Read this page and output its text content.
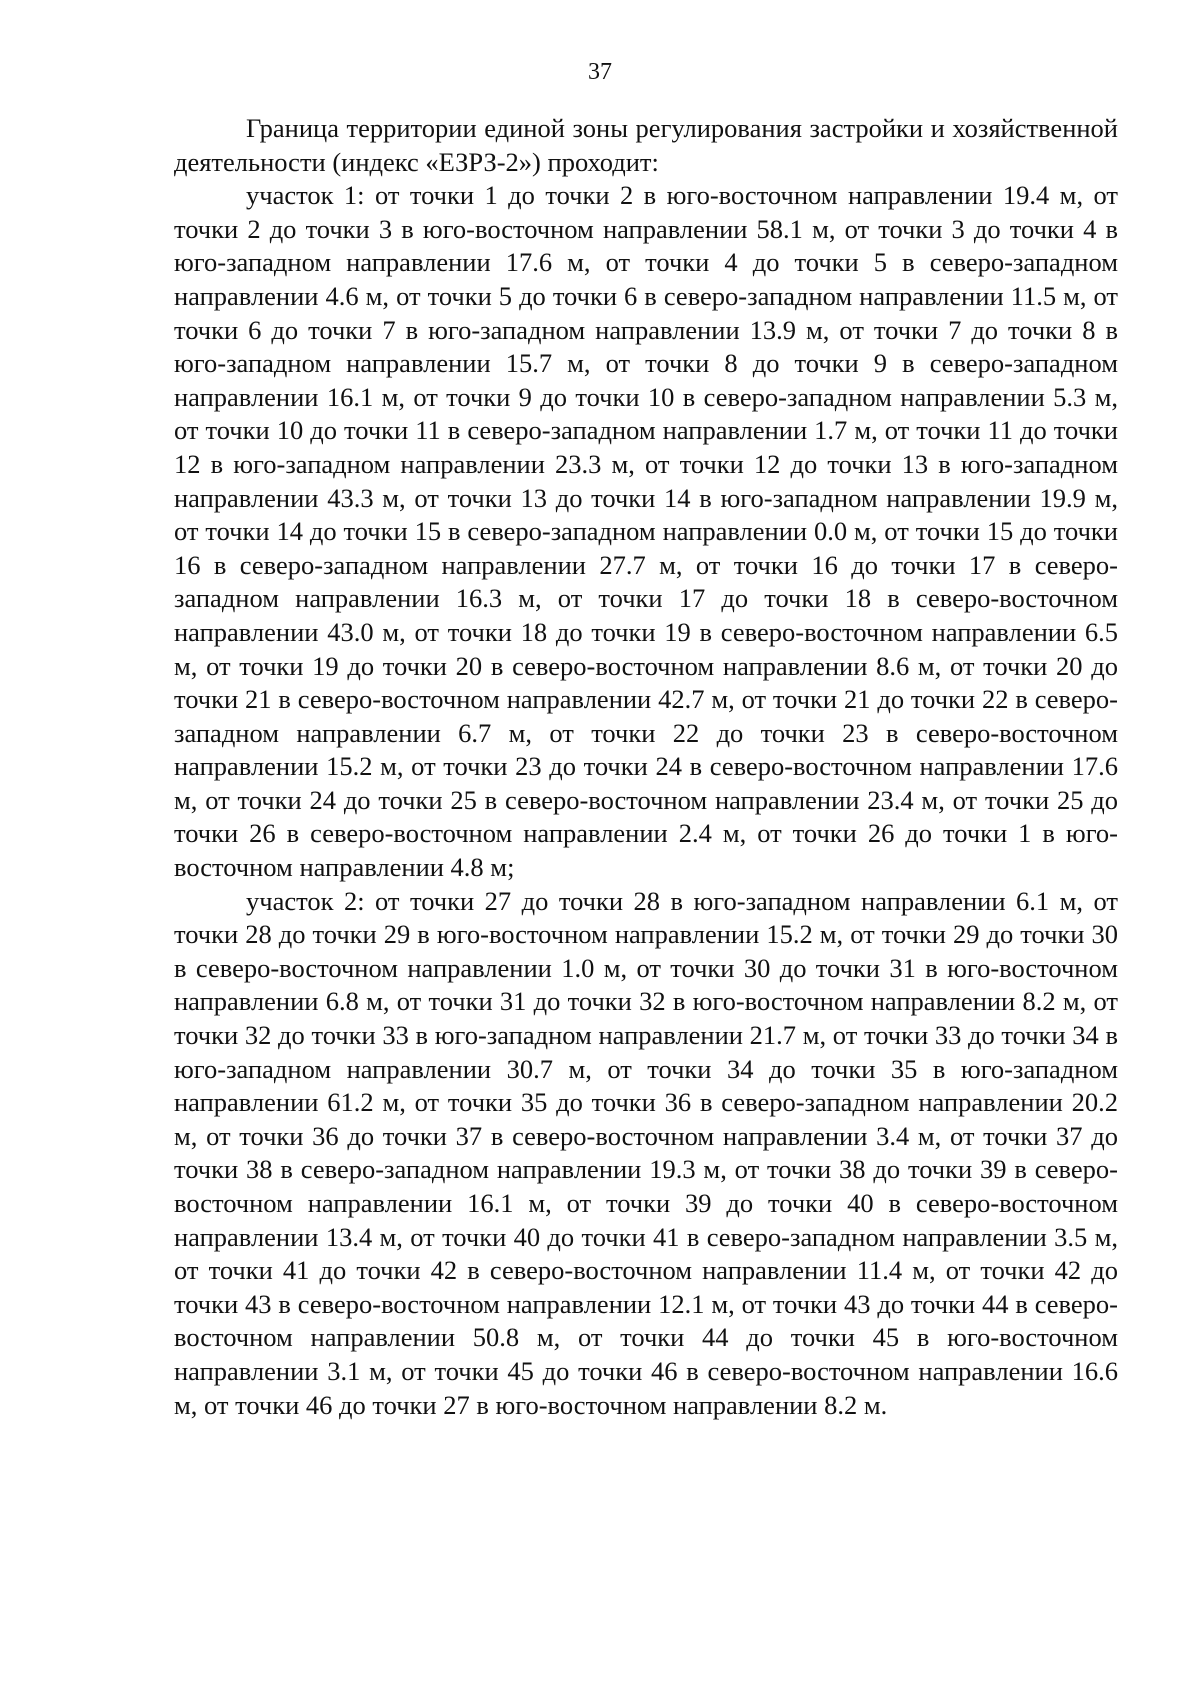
37

Граница территории единой зоны регулирования застройки и хозяйственной деятельности (индекс «ЕЗРЗ-2») проходит:

участок 1: от точки 1 до точки 2 в юго-восточном направлении 19.4 м, от точки 2 до точки 3 в юго-восточном направлении 58.1 м, от точки 3 до точки 4 в юго-западном направлении 17.6 м, от точки 4 до точки 5 в северо-западном направлении 4.6 м, от точки 5 до точки 6 в северо-западном направлении 11.5 м, от точки 6 до точки 7 в юго-западном направлении 13.9 м, от точки 7 до точки 8 в юго-западном направлении 15.7 м, от точки 8 до точки 9 в северо-западном направлении 16.1 м, от точки 9 до точки 10 в северо-западном направлении 5.3 м, от точки 10 до точки 11 в северо-западном направлении 1.7 м, от точки 11 до точки 12 в юго-западном направлении 23.3 м, от точки 12 до точки 13 в юго-западном направлении 43.3 м, от точки 13 до точки 14 в юго-западном направлении 19.9 м, от точки 14 до точки 15 в северо-западном направлении 0.0 м, от точки 15 до точки 16 в северо-западном направлении 27.7 м, от точки 16 до точки 17 в северо-западном направлении 16.3 м, от точки 17 до точки 18 в северо-восточном направлении 43.0 м, от точки 18 до точки 19 в северо-восточном направлении 6.5 м, от точки 19 до точки 20 в северо-восточном направлении 8.6 м, от точки 20 до точки 21 в северо-восточном направлении 42.7 м, от точки 21 до точки 22 в северо-западном направлении 6.7 м, от точки 22 до точки 23 в северо-восточном направлении 15.2 м, от точки 23 до точки 24 в северо-восточном направлении 17.6 м, от точки 24 до точки 25 в северо-восточном направлении 23.4 м, от точки 25 до точки 26 в северо-восточном направлении 2.4 м, от точки 26 до точки 1 в юго-восточном направлении 4.8 м;

участок 2: от точки 27 до точки 28 в юго-западном направлении 6.1 м, от точки 28 до точки 29 в юго-восточном направлении 15.2 м, от точки 29 до точки 30 в северо-восточном направлении 1.0 м, от точки 30 до точки 31 в юго-восточном направлении 6.8 м, от точки 31 до точки 32 в юго-восточном направлении 8.2 м, от точки 32 до точки 33 в юго-западном направлении 21.7 м, от точки 33 до точки 34 в юго-западном направлении 30.7 м, от точки 34 до точки 35 в юго-западном направлении 61.2 м, от точки 35 до точки 36 в северо-западном направлении 20.2 м, от точки 36 до точки 37 в северо-восточном направлении 3.4 м, от точки 37 до точки 38 в северо-западном направлении 19.3 м, от точки 38 до точки 39 в северо-восточном направлении 16.1 м, от точки 39 до точки 40 в северо-восточном направлении 13.4 м, от точки 40 до точки 41 в северо-западном направлении 3.5 м, от точки 41 до точки 42 в северо-восточном направлении 11.4 м, от точки 42 до точки 43 в северо-восточном направлении 12.1 м, от точки 43 до точки 44 в северо-восточном направлении 50.8 м, от точки 44 до точки 45 в юго-восточном направлении 3.1 м, от точки 45 до точки 46 в северо-восточном направлении 16.6 м, от точки 46 до точки 27 в юго-восточном направлении 8.2 м.
